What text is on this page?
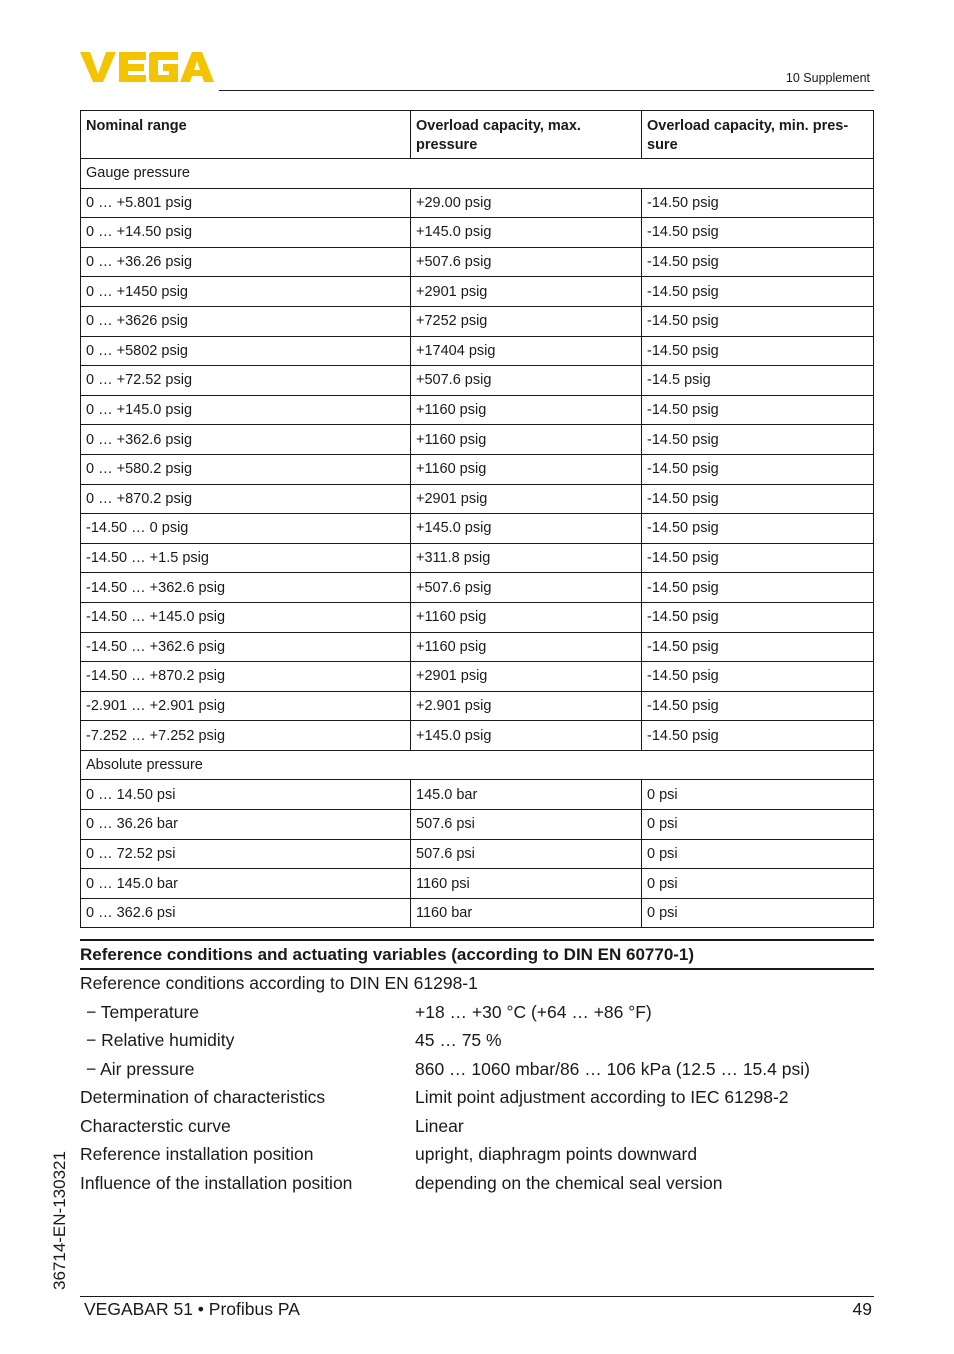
10 Supplement
Nominal range	Overload capacity, max. pressure	Overload capacity, min. pres-sure
Gauge pressure		
0 … +5.801 psig	+29.00 psig	-14.50 psig
0 … +14.50 psig	+145.0 psig	-14.50 psig
0 … +36.26 psig	+507.6 psig	-14.50 psig
0 … +1450 psig	+2901 psig	-14.50 psig
0 … +3626 psig	+7252 psig	-14.50 psig
0 … +5802 psig	+17404 psig	-14.50 psig
0 … +72.52 psig	+507.6 psig	-14.5 psig
0 … +145.0 psig	+1160 psig	-14.50 psig
0 … +362.6 psig	+1160 psig	-14.50 psig
0 … +580.2 psig	+1160 psig	-14.50 psig
0 … +870.2 psig	+2901 psig	-14.50 psig
-14.50 … 0 psig	+145.0 psig	-14.50 psig
-14.50 … +1.5 psig	+311.8 psig	-14.50 psig
-14.50 … +362.6 psig	+507.6 psig	-14.50 psig
-14.50 … +145.0 psig	+1160 psig	-14.50 psig
-14.50 … +362.6 psig	+1160 psig	-14.50 psig
-14.50 … +870.2 psig	+2901 psig	-14.50 psig
-2.901 … +2.901 psig	+2.901 psig	-14.50 psig
-7.252 … +7.252 psig	+145.0 psig	-14.50 psig
Absolute pressure		
0 … 14.50 psi	145.0 bar	0 psi
0 … 36.26 bar	507.6 psi	0 psi
0 … 72.52 psi	507.6 psi	0 psi
0 … 145.0 bar	1160 psi	0 psi
0 … 362.6 psi	1160 bar	0 psi
Reference conditions and actuating variables (according to DIN EN 60770-1)
Reference conditions according to DIN EN 61298-1
− Temperature	+18 … +30 °C (+64 … +86 °F)
− Relative humidity	45 … 75 %
− Air pressure	860 … 1060 mbar/86 … 106 kPa (12.5 … 15.4 psi)
Determination of characteristics	Limit point adjustment according to IEC 61298-2
Characterstic curve	Linear
Reference installation position	upright, diaphragm points downward
Influence of the installation position	depending on the chemical seal version
36714-EN-130321
VEGABAR 51 • Profibus PA	49
